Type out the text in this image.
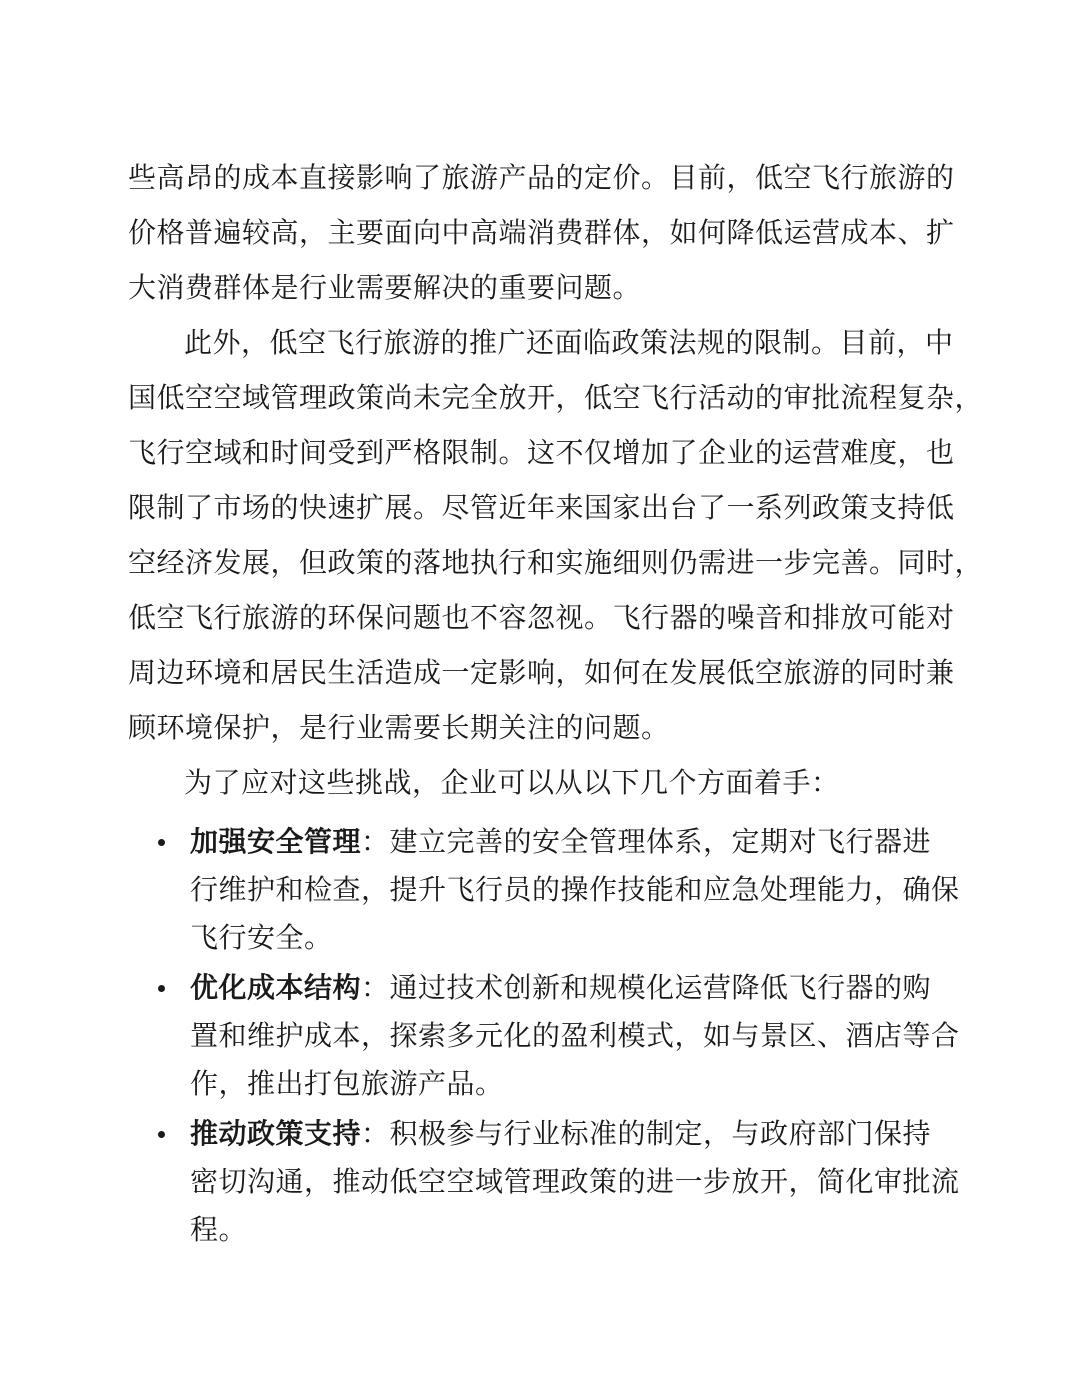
些高昂的成本直接影响了旅游产品的定价。目前，低空飞行旅游的
价格普遍较高，主要面向中高端消费群体，如何降低运营成本、扩
大消费群体是行业需要解决的重要问题。

此外，低空飞行旅游的推广还面临政策法规的限制。目前，中
国低空空域管理政策尚未完全放开，低空飞行活动的审批流程复杂，
飞行空域和时间受到严格限制。这不仅增加了企业的运营难度，也
限制了市场的快速扩展。尽管近年来国家出台了一系列政策支持低
空经济发展，但政策的落地执行和实施细则仍需进一步完善。同时，
低空飞行旅游的环保问题也不容忽视。飞行器的噪音和排放可能对
周边环境和居民生活造成一定影响，如何在发展低空旅游的同时兼
顾环境保护，是行业需要长期关注的问题。

为了应对这些挑战，企业可以从以下几个方面着手：

加强安全管理：建立完善的安全管理体系，定期对飞行器进
行维护和检查，提升飞行员的操作技能和应急处理能力，确保
飞行安全。
优化成本结构：通过技术创新和规模化运营降低飞行器的购
置和维护成本，探索多元化的盈利模式，如与景区、酒店等合
作，推出打包旅游产品。
推动政策支持：积极参与行业标准的制定，与政府部门保持
密切沟通，推动低空空域管理政策的进一步放开，简化审批流
程。
